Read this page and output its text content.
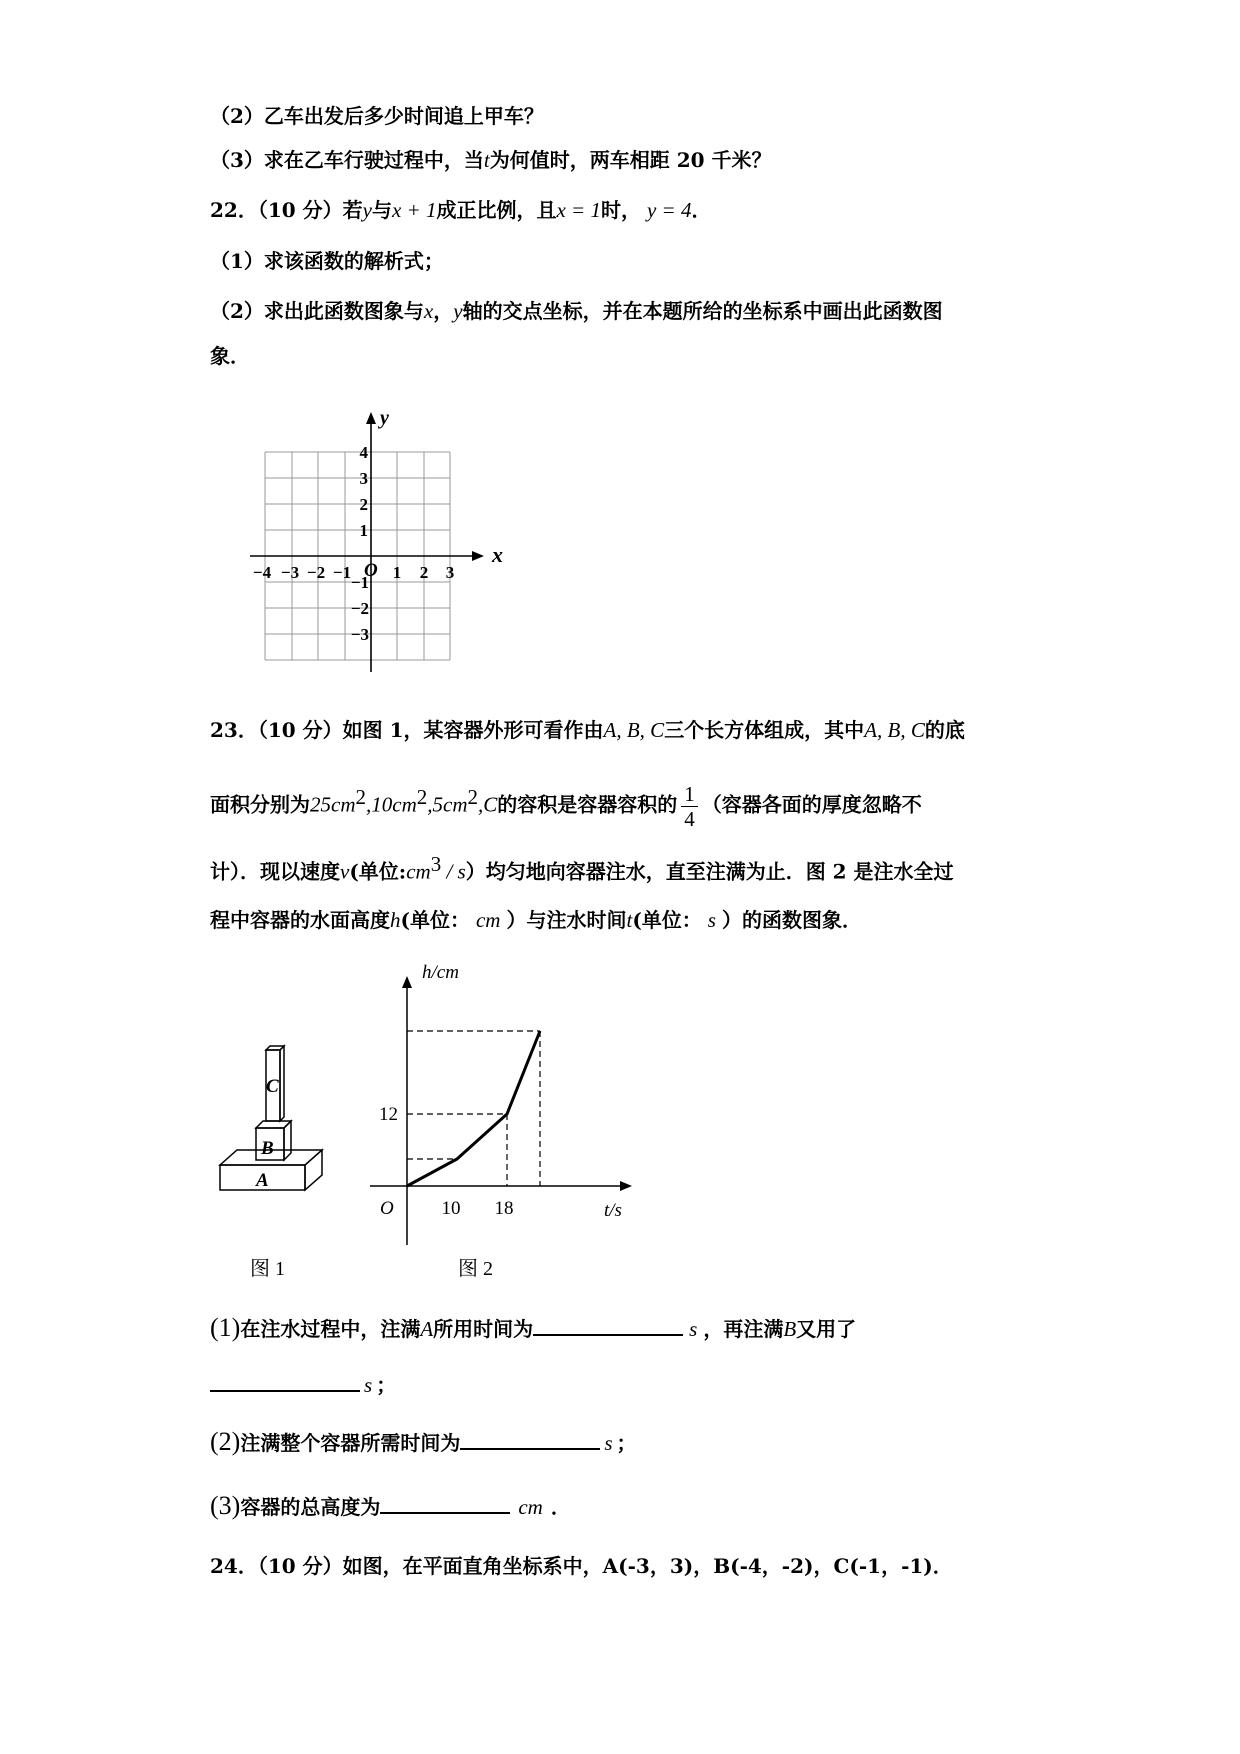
（2）乙车出发后多少时间追上甲车？
（3）求在乙车行驶过程中，当t为何值时，两车相距 20 千米？
22．（10 分）若y与x + 1成正比例，且x = 1时， y = 4．
（1）求该函数的解析式；
（2）求出此函数图象与x，y轴的交点坐标，并在本题所给的坐标系中画出此函数图
象．
x
y
O
−4 −3 −2 −1 1 2 3
4
3
2
1
−1
−2
−3
23．（10 分）如图 1，某容器外形可看作由A, B, C三个长方体组成，其中A, B, C的底
面积分别为$25cm^2,10cm^2,5cm^2,C$的容积是容器容积的 $\frac{1}{4}$ （容器各面的厚度忽略不
计）．现以速度v(单位$:cm^3 / s$）均匀地向容器注水，直至注满为止．图 2 是注水全过
程中容器的水面高度h(单位： cm ）与注水时间t(单位： s ）的函数图象．
A
B
C
图 1
h/cm
t/s
O
12
10 18
图 2
(1)在注水过程中，注满A所用时间为	s ，再注满B又用了
s ；
(2)注满整个容器所需时间为	s ；
(3)容器的总高度为	cm ．
24．（10 分）如图，在平面直角坐标系中，A(-3，3)，B(-4，-2)，C(-1，-1)．
